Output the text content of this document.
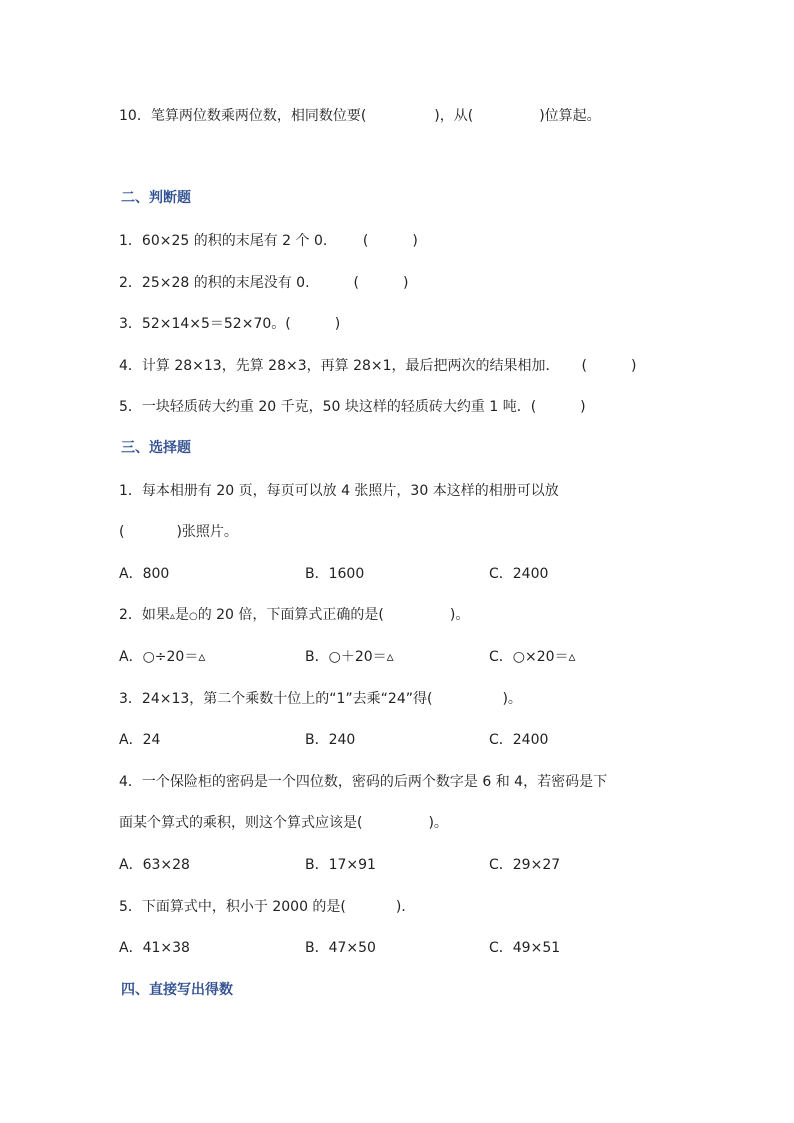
10．笔算两位数乘两位数，相同数位要(	)，从(	)位算起。
二、判断题
1．60×25 的积的末尾有 2 个 0． (	)
2．25×28 的积的末尾没有 0.	(	)
3．52×14×5＝52×70。(	)
4．计算 28×13，先算 28×3，再算 28×1，最后把两次的结果相加． (	)
5．一块轻质砖大约重 20 千克，50 块这样的轻质砖大约重 1 吨．(	)
三、选择题
1．每本相册有 20 页，每页可以放 4 张照片，30 本这样的相册可以放
(	)张照片。
A．800	B．1600	C．2400
2．如果▵是○的 20 倍，下面算式正确的是(	)。
A．○÷20＝▵	B．○＋20＝▵	C．○×20＝▵
3．24×13，第二个乘数十位上的“1”去乘“24”得(	)。
A．24	B．240	C．2400
4．一个保险柜的密码是一个四位数，密码的后两个数字是 6 和 4，若密码是下
面某个算式的乘积，则这个算式应该是(	)。
A．63×28	B．17×91	C．29×27
5．下面算式中，积小于 2000 的是(	)．
A．41×38	B．47×50	C．49×51
四、直接写出得数
